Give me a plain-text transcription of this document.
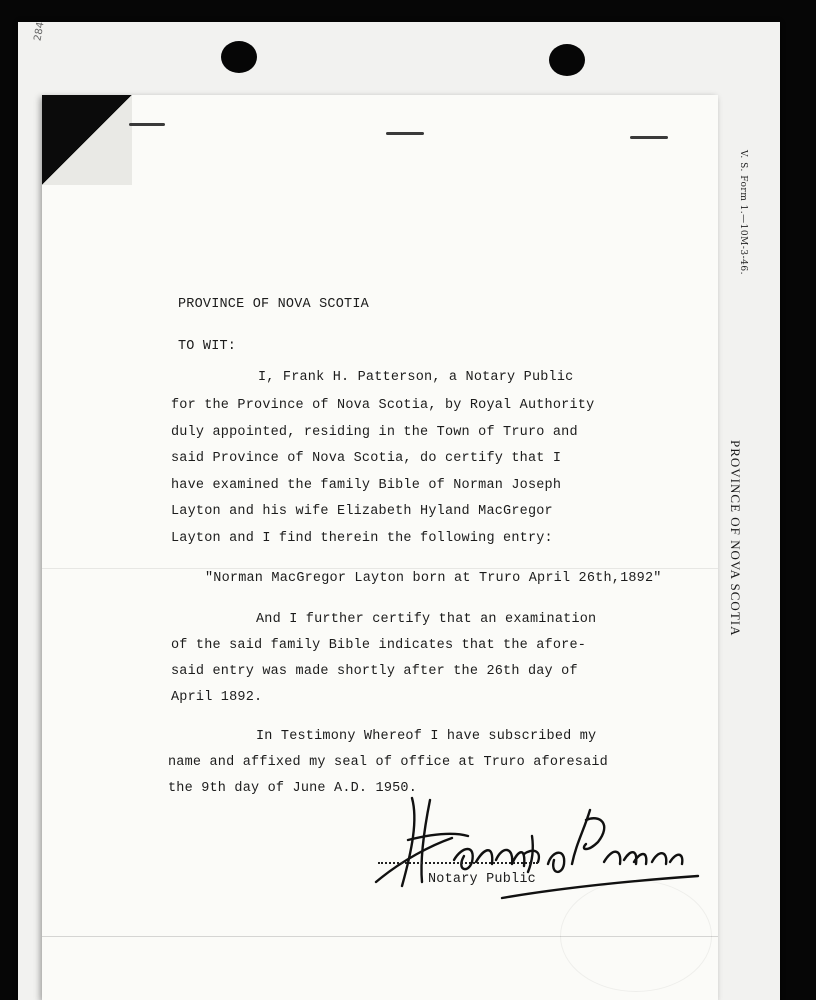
284
V. S. Form 1.—10M-3-46.
PROVINCE OF NOVA SCOTIA
PROVINCE OF NOVA SCOTIA
TO WIT:
I, Frank H. Patterson, a Notary Public
for the Province of Nova Scotia, by Royal Authority
duly appointed, residing in the Town of Truro and
said Province of Nova Scotia, do certify that I
have examined the family Bible of Norman Joseph
Layton and his wife Elizabeth Hyland MacGregor
Layton and I find therein the following entry:
"Norman MacGregor Layton born at Truro April 26th,1892"
And I further certify that an examination
of the said family Bible indicates that the afore-
said entry was made shortly after the 26th day of
April 1892.
In Testimony Whereof I have subscribed my
name and affixed my seal of office at Truro aforesaid
the 9th day of June A.D. 1950.
Notary Public
